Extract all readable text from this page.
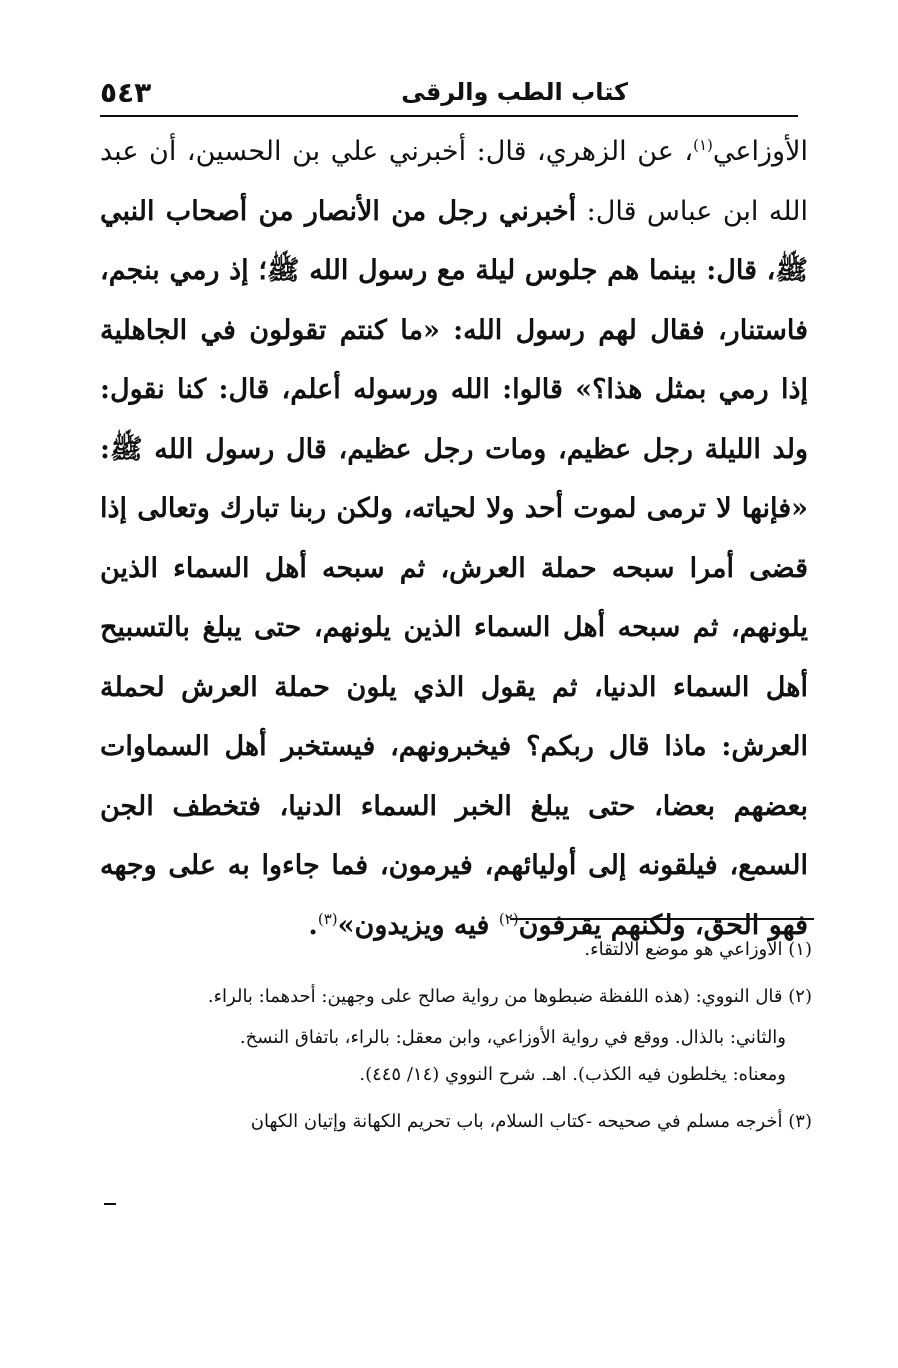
كتاب الطب والرقى
٥٤٣

الأوزاعي$^{(١)}$، عن الزهري، قال: أخبرني علي بن الحسين، أن عبد الله ابن عباس قال: أخبرني رجل من الأنصار من أصحاب النبي ﷺ، قال: بينما هم جلوس ليلة مع رسول الله ﷺ؛ إذ رمي بنجم، فاستنار، فقال لهم رسول الله: «ما كنتم تقولون في الجاهلية إذا رمي بمثل هذا؟» قالوا: الله ورسوله أعلم، قال: كنا نقول: ولد الليلة رجل عظيم، ومات رجل عظيم، قال رسول الله ﷺ: «فإنها لا ترمى لموت أحد ولا لحياته، ولكن ربنا تبارك وتعالى إذا قضى أمرا سبحه حملة العرش، ثم سبحه أهل السماء الذين يلونهم، ثم سبحه أهل السماء الذين يلونهم، حتى يبلغ بالتسبيح أهل السماء الدنيا، ثم يقول الذي يلون حملة العرش لحملة العرش: ماذا قال ربكم؟ فيخبرونهم، فيستخبر أهل السماوات بعضهم بعضا، حتى يبلغ الخبر السماء الدنيا، فتخطف الجن السمع، فيلقونه إلى أوليائهم، فيرمون، فما جاءوا به على وجهه فهو الحق، ولكنهم يقرفون$^{(٢)}$ فيه ويزيدون»$^{(٣)}$.

(١) الأوزاعي هو موضع الالتقاء.
(٢) قال النووي: (هذه اللفظة ضبطوها من رواية صالح على وجهين: أحدهما: بالراء.
والثاني: بالذال. ووقع في رواية الأوزاعي، وابن معقل: بالراء، باتفاق النسخ.
ومعناه: يخلطون فيه الكذب). اهـ. شرح النووي (١٤/ ٤٤٥).
(٣) أخرجه مسلم في صحيحه -كتاب السلام، باب تحريم الكهانة وإتيان الكهان
